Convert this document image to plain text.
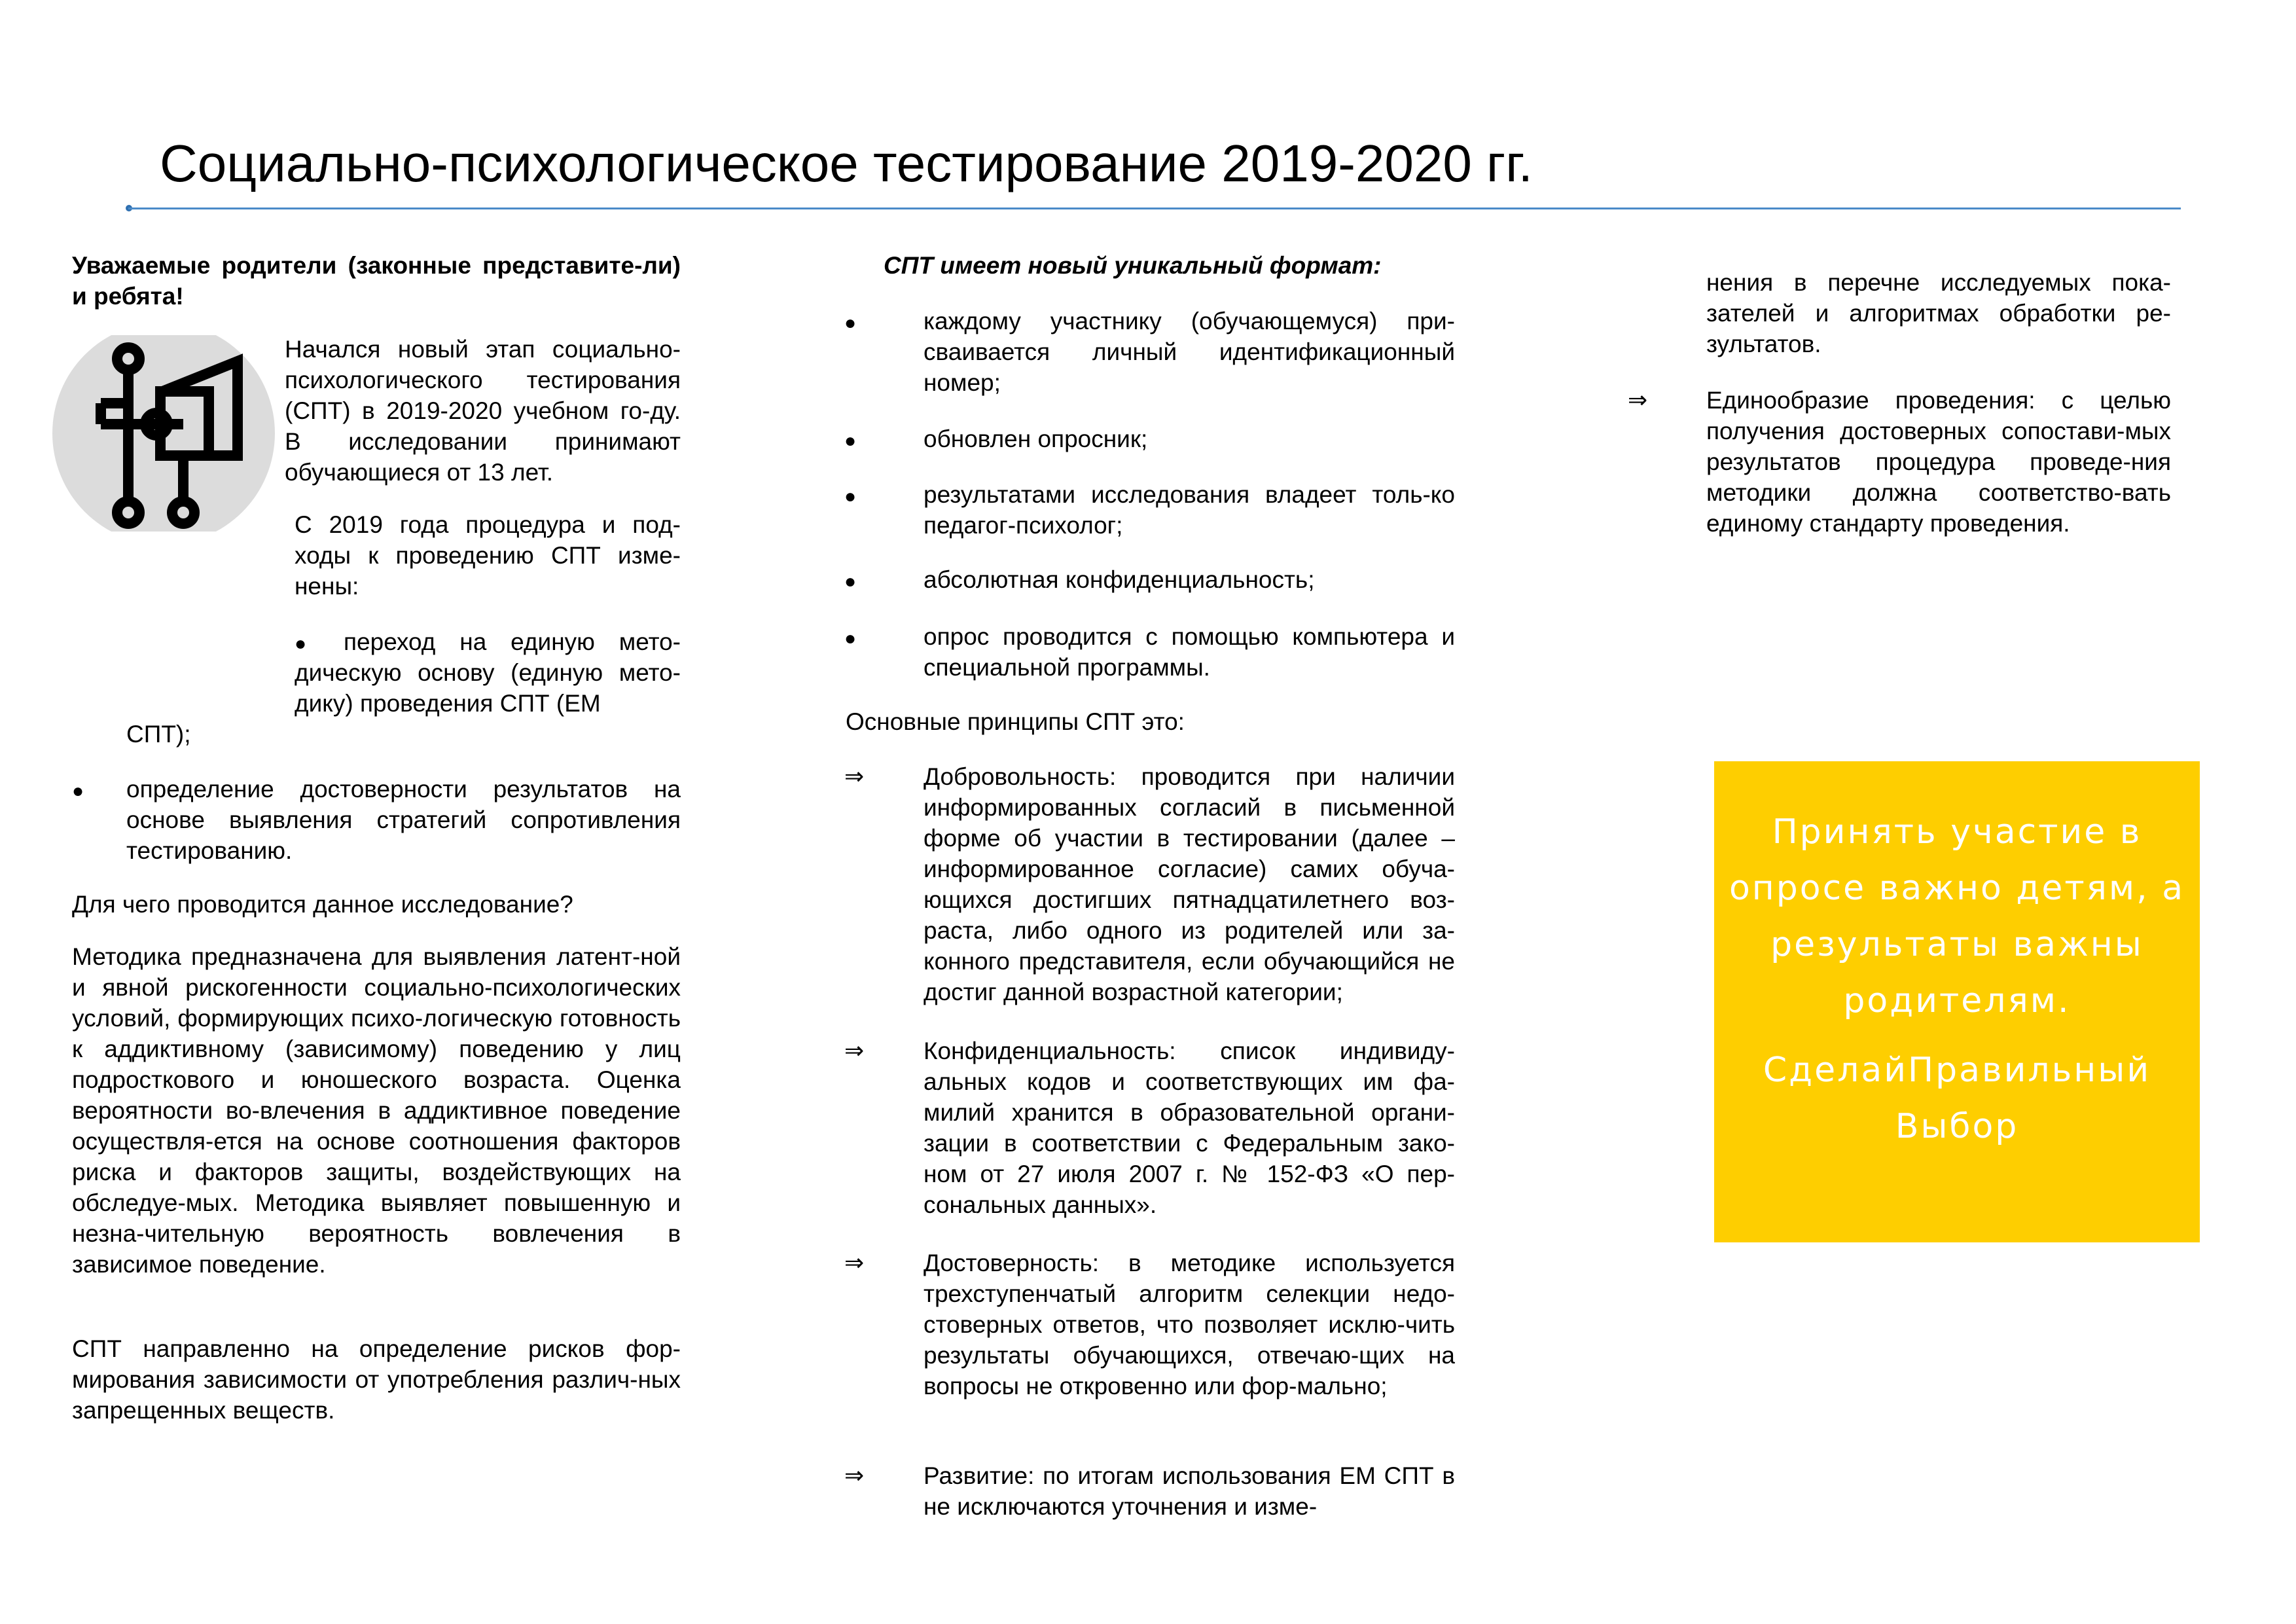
Социально-психологическое тестирование 2019-2020 гг.

Уважаемые родители (законные представите-ли) и ребята!

Начался новый этап социально-психологического тестирования (СПТ) в 2019-2020 учебном го-ду. В исследовании принимают обучающиеся от 13 лет.

С 2019 года процедура и под-ходы к проведению СПТ изме-нены:

●	переход на единую мето-дическую основу (единую мето-дику) проведения СПТ (ЕМ

СПТ);

● определение достоверности результатов на основе выявления стратегий сопротивления тестированию.

Для чего проводится данное исследование?

Методика предназначена для выявления латент-ной и явной рискогенности социально-психологических условий, формирующих психо-логическую готовность к аддиктивному (зависимому) поведению у лиц подросткового и юношеского возраста. Оценка вероятности во-влечения в аддиктивное поведение осуществля-ется на основе соотношения факторов риска и факторов защиты, воздействующих на обследуе-мых. Методика выявляет повышенную и незна-чительную вероятность вовлечения в зависимое поведение.

СПТ направленно на определение рисков фор-мирования зависимости от употребления различ-ных запрещенных веществ.

СПТ имеет новый уникальный формат:

●	каждому участнику (обучающемуся) при-сваивается личный идентификационный номер;

●	обновлен опросник;

●	результатами исследования владеет толь-ко педагог-психолог;

●	абсолютная конфиденциальность;

●	опрос проводится с помощью компьютера и специальной программы.

Основные принципы СПТ это:

⇒ Добровольность: проводится при наличии информированных согласий в письменной форме об участии в тестировании (далее – информированное согласие) самих обуча-ющихся достигших пятнадцатилетнего воз-раста, либо одного из родителей или за-конного представителя, если обучающийся не достиг данной возрастной категории;

⇒ Конфиденциальность: список индивиду-альных кодов и соответствующих им фа-милий хранится в образовательной органи-зации в соответствии с Федеральным зако-ном от 27 июля 2007 г. № 152-ФЗ «О пер-сональных данных».

⇒ Достоверность: в методике используется трехступенчатый алгоритм селекции недо-стоверных ответов, что позволяет исклю-чить результаты обучающихся, отвечаю-щих на вопросы не откровенно или фор-мально;

⇒ Развитие: по итогам использования ЕМ СПТ в не исключаются уточнения и изме-

нения в перечне исследуемых пока-зателей и алгоритмах обработки ре-зультатов.

⇒ Единообразие проведения: с целью получения достоверных сопостави-мых результатов процедура проведе-ния методики должна соответство-вать единому стандарту проведения.

Принять участие в опросе важно детям, а результаты важны родителям.
СделайПравильный Выбор
